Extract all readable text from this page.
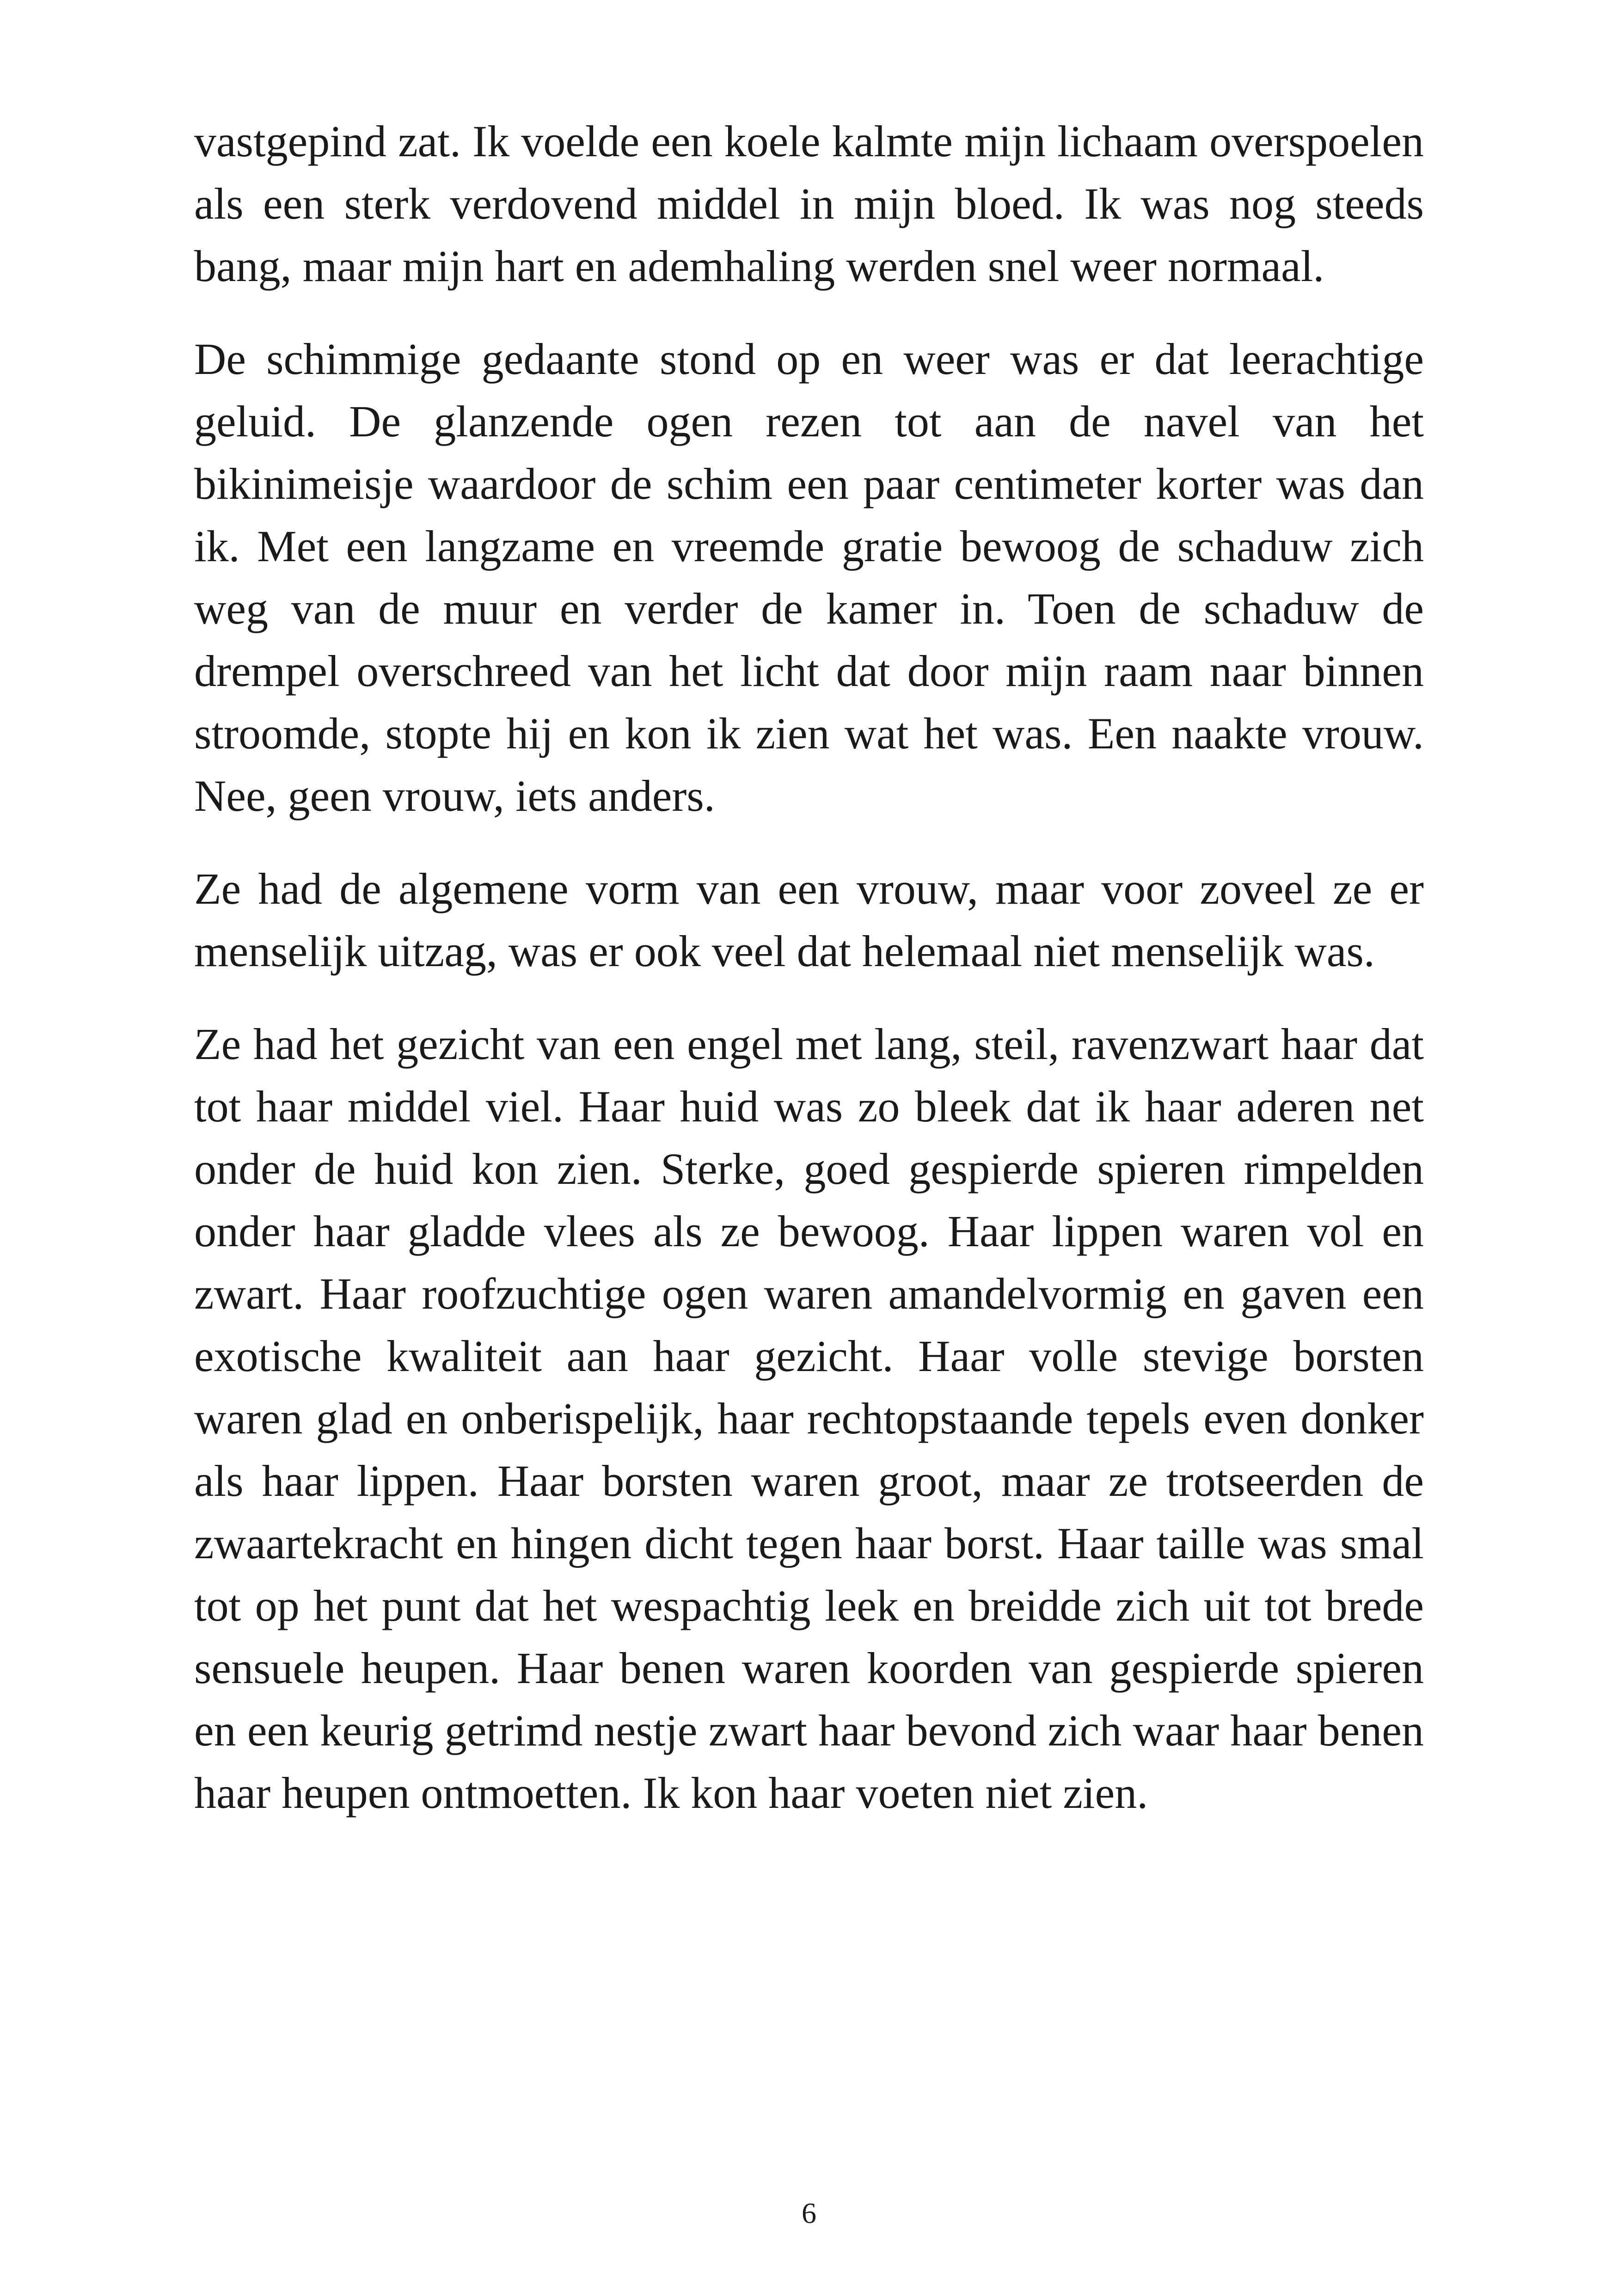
vastgepind zat. Ik voelde een koele kalmte mijn lichaam overspoelen als een sterk verdovend middel in mijn bloed. Ik was nog steeds bang, maar mijn hart en ademhaling werden snel weer normaal.

De schimmige gedaante stond op en weer was er dat leerachtige geluid. De glanzende ogen rezen tot aan de navel van het bikinimeisje waardoor de schim een paar centimeter korter was dan ik. Met een langzame en vreemde gratie bewoog de schaduw zich weg van de muur en verder de kamer in. Toen de schaduw de drempel overschreed van het licht dat door mijn raam naar binnen stroomde, stopte hij en kon ik zien wat het was. Een naakte vrouw. Nee, geen vrouw, iets anders.

Ze had de algemene vorm van een vrouw, maar voor zoveel ze er menselijk uitzag, was er ook veel dat helemaal niet menselijk was.

Ze had het gezicht van een engel met lang, steil, ravenzwart haar dat tot haar middel viel. Haar huid was zo bleek dat ik haar aderen net onder de huid kon zien. Sterke, goed gespierde spieren rimpelden onder haar gladde vlees als ze bewoog. Haar lippen waren vol en zwart. Haar roofzuchtige ogen waren amandelvormig en gaven een exotische kwaliteit aan haar gezicht. Haar volle stevige borsten waren glad en onberispelijk, haar rechtopstaande tepels even donker als haar lippen. Haar borsten waren groot, maar ze trotseerden de zwaartekracht en hingen dicht tegen haar borst. Haar taille was smal tot op het punt dat het wespachtig leek en breidde zich uit tot brede sensuele heupen. Haar benen waren koorden van gespierde spieren en een keurig getrimd nestje zwart haar bevond zich waar haar benen haar heupen ontmoetten. Ik kon haar voeten niet zien.

6
